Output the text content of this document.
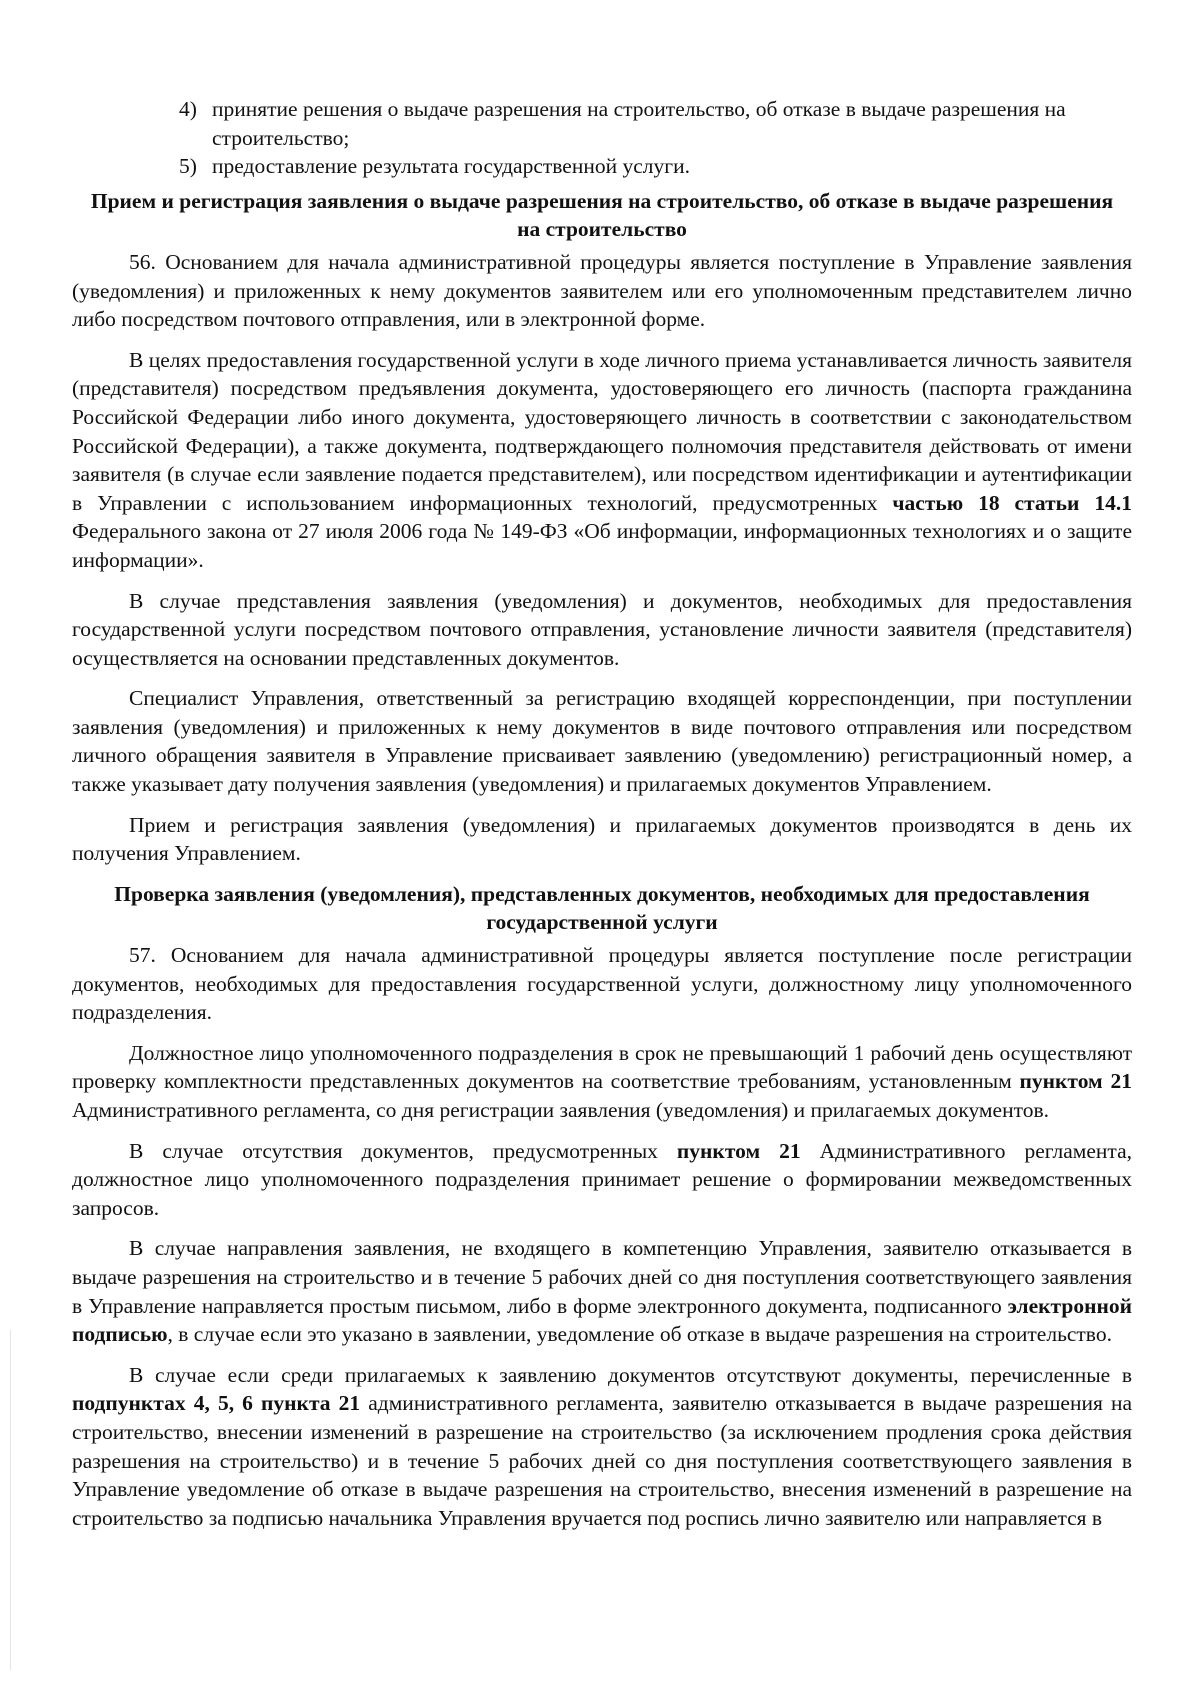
4) принятие решения о выдаче разрешения на строительство, об отказе в выдаче разрешения на строительство;
5) предоставление результата государственной услуги.
Прием и регистрация заявления о выдаче разрешения на строительство, об отказе в выдаче разрешения на строительство

56. Основанием для начала административной процедуры является поступление в Управление заявления (уведомления) и приложенных к нему документов заявителем или его уполномоченным представителем лично либо посредством почтового отправления, или в электронной форме.

В целях предоставления государственной услуги в ходе личного приема устанавливается личность заявителя (представителя) посредством предъявления документа, удостоверяющего его личность (паспорта гражданина Российской Федерации либо иного документа, удостоверяющего личность в соответствии с законодательством Российской Федерации), а также документа, подтверждающего полномочия представителя действовать от имени заявителя (в случае если заявление подается представителем), или посредством идентификации и аутентификации в Управлении с использованием информационных технологий, предусмотренных частью 18 статьи 14.1 Федерального закона от 27 июля 2006 года № 149-ФЗ «Об информации, информационных технологиях и о защите информации».

В случае представления заявления (уведомления) и документов, необходимых для предоставления государственной услуги посредством почтового отправления, установление личности заявителя (представителя) осуществляется на основании представленных документов.

Специалист Управления, ответственный за регистрацию входящей корреспонденции, при поступлении заявления (уведомления) и приложенных к нему документов в виде почтового отправления или посредством личного обращения заявителя в Управление присваивает заявлению (уведомлению) регистрационный номер, а также указывает дату получения заявления (уведомления) и прилагаемых документов Управлением.

Прием и регистрация заявления (уведомления) и прилагаемых документов производятся в день их получения Управлением.

Проверка заявления (уведомления), представленных документов, необходимых для предоставления государственной услуги

57. Основанием для начала административной процедуры является поступление после регистрации документов, необходимых для предоставления государственной услуги, должностному лицу уполномоченного подразделения.

Должностное лицо уполномоченного подразделения в срок не превышающий 1 рабочий день осуществляют проверку комплектности представленных документов на соответствие требованиям, установленным пунктом 21 Административного регламента, со дня регистрации заявления (уведомления) и прилагаемых документов.

В случае отсутствия документов, предусмотренных пунктом 21 Административного регламента, должностное лицо уполномоченного подразделения принимает решение о формировании межведомственных запросов.

В случае направления заявления, не входящего в компетенцию Управления, заявителю отказывается в выдаче разрешения на строительство и в течение 5 рабочих дней со дня поступления соответствующего заявления в Управление направляется простым письмом, либо в форме электронного документа, подписанного электронной подписью, в случае если это указано в заявлении, уведомление об отказе в выдаче разрешения на строительство.

В случае если среди прилагаемых к заявлению документов отсутствуют документы, перечисленные в подпунктах 4, 5, 6 пункта 21 административного регламента, заявителю отказывается в выдаче разрешения на строительство, внесении изменений в разрешение на строительство (за исключением продления срока действия разрешения на строительство) и в течение 5 рабочих дней со дня поступления соответствующего заявления в Управление уведомление об отказе в выдаче разрешения на строительство, внесения изменений в разрешение на строительство за подписью начальника Управления вручается под роспись лично заявителю или направляется в
